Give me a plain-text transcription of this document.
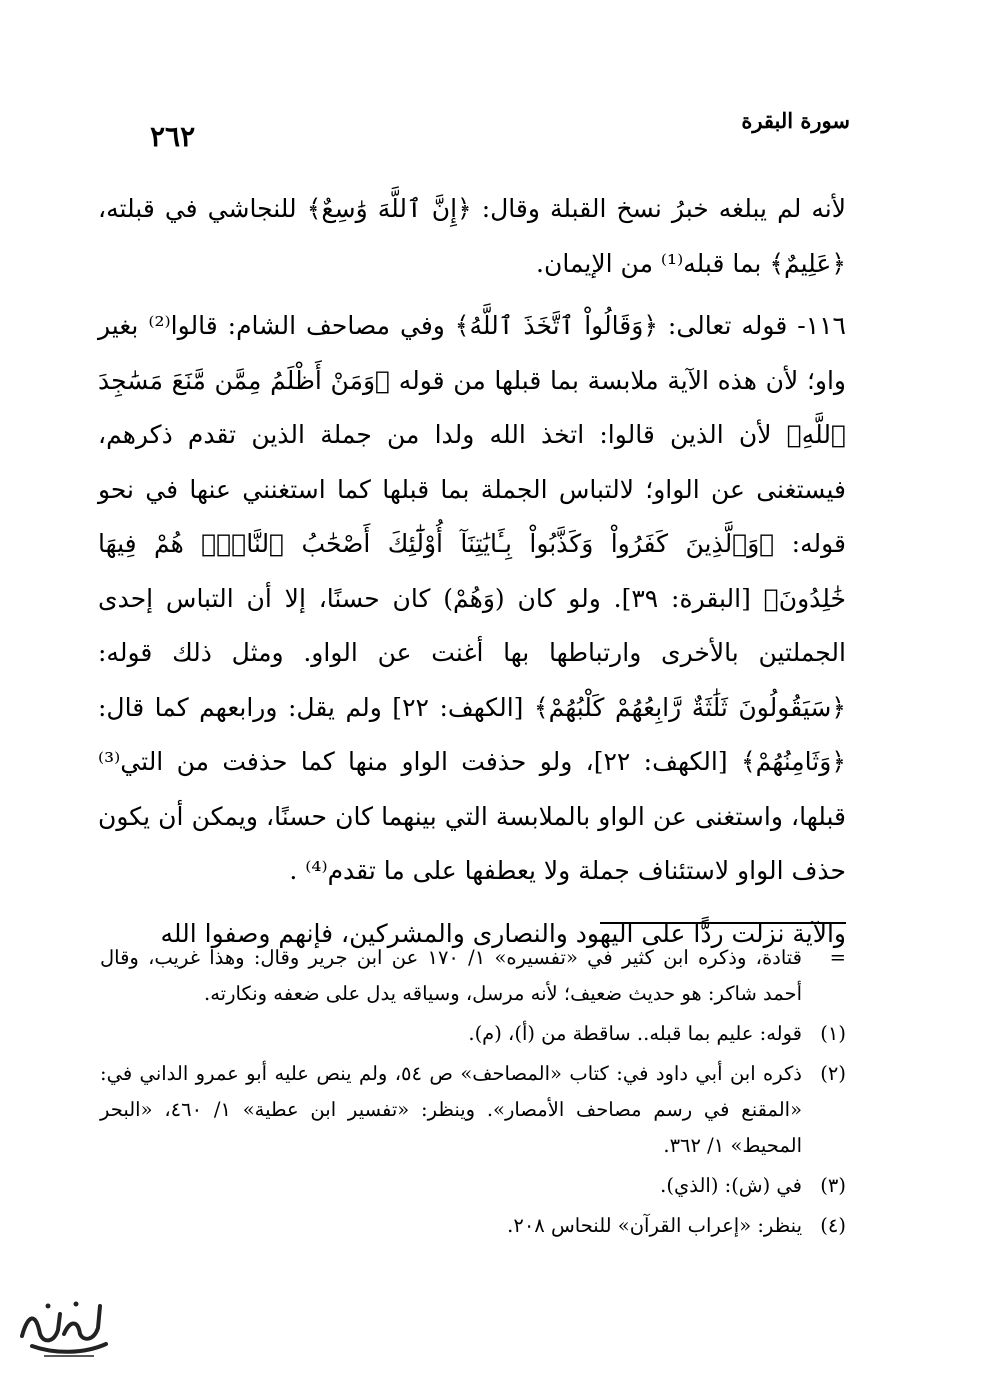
٢٦٢	سورة البقرة

لأنه لم يبلغه خبرُ نسخ القبلة وقال: ﴿إِنَّ ٱللَّهَ وَٰسِعٌ﴾ للنجاشي في قبلته، ﴿عَلِيمٌ﴾ بما قبله⁽¹⁾ من الإيمان.

١١٦- قوله تعالى: ﴿وَقَالُواْ ٱتَّخَذَ ٱللَّهُ﴾ وفي مصاحف الشام: قالوا⁽²⁾ بغير واو؛ لأن هذه الآية ملابسة بما قبلها من قوله ﴿وَمَنْ أَظْلَمُ مِمَّن مَّنَعَ مَسَٰجِدَ ٱللَّهِ﴾ لأن الذين قالوا: اتخذ الله ولدا من جملة الذين تقدم ذكرهم، فيستغنى عن الواو؛ لالتباس الجملة بما قبلها كما استغنني عنها في نحو قوله: ﴿وَٱلَّذِينَ كَفَرُواْ وَكَذَّبُواْ بِـَٔايَٰتِنَآ أُوْلَٰٓئِكَ أَصْحَٰبُ ٱلنَّارِۖ هُمْ فِيهَا خَٰلِدُونَ﴾ [البقرة: ٣٩]. ولو كان (وَهُمْ) كان حسنًا، إلا أن التباس إحدى الجملتين بالأخرى وارتباطها بها أغنت عن الواو. ومثل ذلك قوله: ﴿سَيَقُولُونَ ثَلَٰثَةٌ رَّابِعُهُمْ كَلْبُهُمْ﴾ [الكهف: ٢٢] ولم يقل: ورابعهم كما قال: ﴿وَثَامِنُهُمْ﴾ [الكهف: ٢٢]، ولو حذفت الواو منها كما حذفت من التي⁽³⁾ قبلها، واستغنى عن الواو بالملابسة التي بينهما كان حسنًا، ويمكن أن يكون حذف الواو لاستئناف جملة ولا يعطفها على ما تقدم⁽⁴⁾ .

والآية نزلت ردًّا على اليهود والنصارى والمشركين، فإنهم وصفوا الله

=
قتادة، وذكره ابن كثير في «تفسيره» ١/ ١٧٠ عن ابن جرير وقال: وهذا غريب، وقال أحمد شاكر: هو حديث ضعيف؛ لأنه مرسل، وسياقه يدل على ضعفه ونكارته.
(١)
قوله: عليم بما قبله.. ساقطة من (أ)، (م).
(٢)
ذكره ابن أبي داود في: كتاب «المصاحف» ص ٥٤، ولم ينص عليه أبو عمرو الداني في: «المقنع في رسم مصاحف الأمصار». وينظر: «تفسير ابن عطية» ١/ ٤٦٠، «البحر المحيط» ١/ ٣٦٢.
(٣)
في (ش): (الذي).
(٤)
ينظر: «إعراب القرآن» للنحاس ٢٠٨.
